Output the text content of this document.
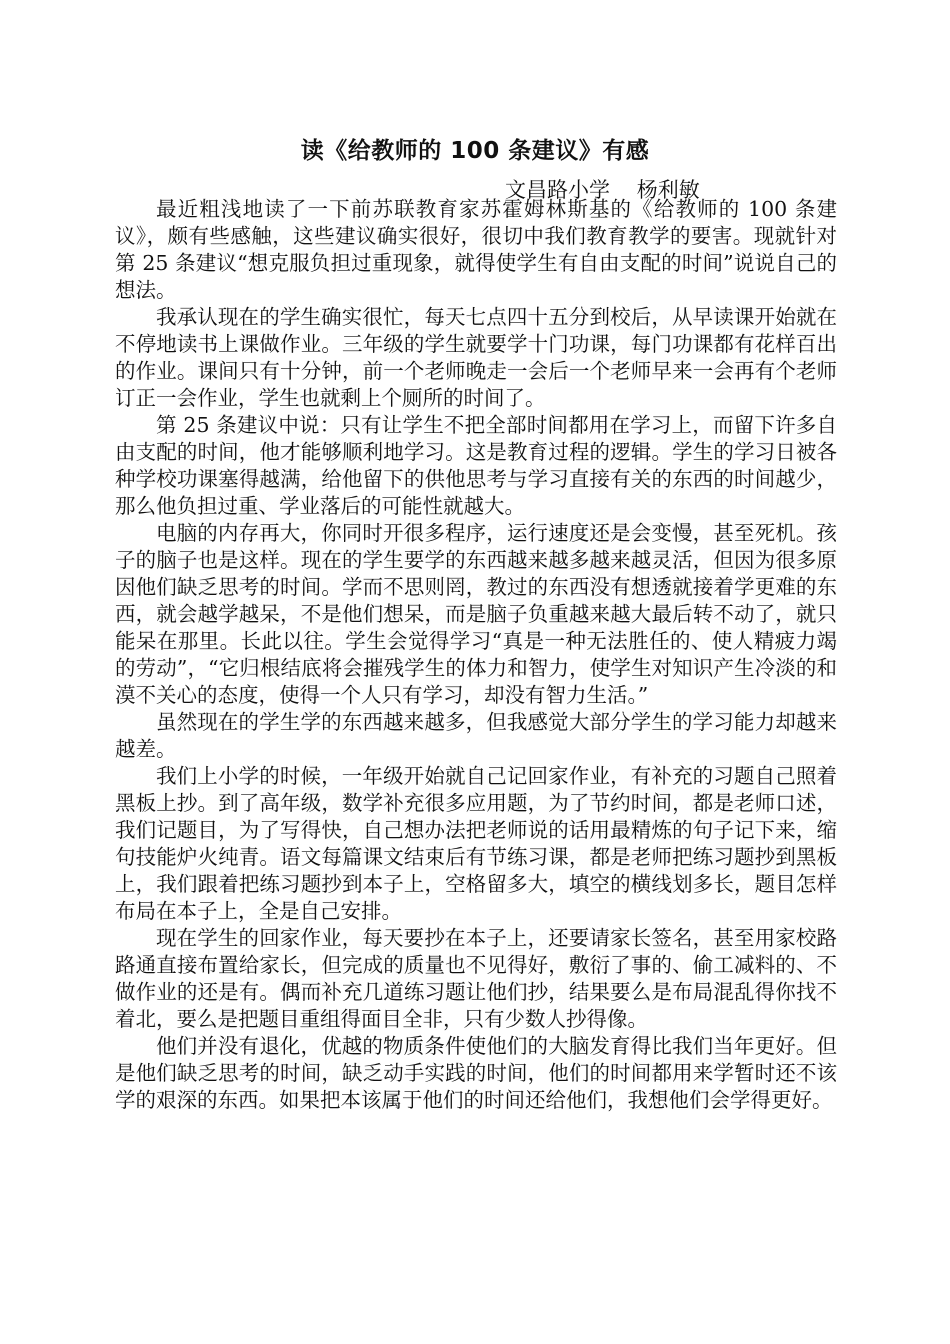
读《给教师的 100 条建议》有感
文昌路小学    杨利敏

最近粗浅地读了一下前苏联教育家苏霍姆林斯基的《给教师的 100 条建议》，颇有些感触，这些建议确实很好，很切中我们教育教学的要害。现就针对第 25 条建议“想克服负担过重现象，就得使学生有自由支配的时间”说说自己的想法。

我承认现在的学生确实很忙，每天七点四十五分到校后，从早读课开始就在不停地读书上课做作业。三年级的学生就要学十门功课，每门功课都有花样百出的作业。课间只有十分钟，前一个老师晚走一会后一个老师早来一会再有个老师订正一会作业，学生也就剩上个厕所的时间了。

第 25 条建议中说：只有让学生不把全部时间都用在学习上，而留下许多自由支配的时间，他才能够顺利地学习。这是教育过程的逻辑。学生的学习日被各种学校功课塞得越满，给他留下的供他思考与学习直接有关的东西的时间越少，那么他负担过重、学业落后的可能性就越大。

电脑的内存再大，你同时开很多程序，运行速度还是会变慢，甚至死机。孩子的脑子也是这样。现在的学生要学的东西越来越多越来越灵活，但因为很多原因他们缺乏思考的时间。学而不思则罔，教过的东西没有想透就接着学更难的东西，就会越学越呆，不是他们想呆，而是脑子负重越来越大最后转不动了，就只能呆在那里。长此以往。学生会觉得学习“真是一种无法胜任的、使人精疲力竭的劳动”，“它归根结底将会摧残学生的体力和智力，使学生对知识产生冷淡的和漠不关心的态度，使得一个人只有学习，却没有智力生活。”

虽然现在的学生学的东西越来越多，但我感觉大部分学生的学习能力却越来越差。

我们上小学的时候，一年级开始就自己记回家作业，有补充的习题自己照着黑板上抄。到了高年级，数学补充很多应用题，为了节约时间，都是老师口述，我们记题目，为了写得快，自己想办法把老师说的话用最精炼的句子记下来，缩句技能炉火纯青。语文每篇课文结束后有节练习课，都是老师把练习题抄到黑板上，我们跟着把练习题抄到本子上，空格留多大，填空的横线划多长，题目怎样布局在本子上，全是自己安排。

现在学生的回家作业，每天要抄在本子上，还要请家长签名，甚至用家校路路通直接布置给家长，但完成的质量也不见得好，敷衍了事的、偷工减料的、不做作业的还是有。偶而补充几道练习题让他们抄，结果要么是布局混乱得你找不着北，要么是把题目重组得面目全非，只有少数人抄得像。

他们并没有退化，优越的物质条件使他们的大脑发育得比我们当年更好。但是他们缺乏思考的时间，缺乏动手实践的时间，他们的时间都用来学暂时还不该学的艰深的东西。如果把本该属于他们的时间还给他们，我想他们会学得更好。
